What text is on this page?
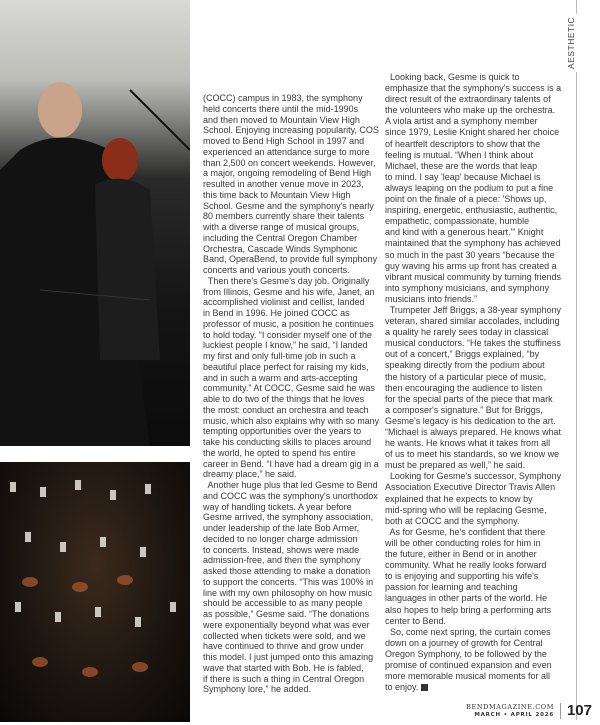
AESTHETIC
(COCC) campus in 1983, the symphony
held concerts there until the mid-1990s
and then moved to Mountain View High
School. Enjoying increasing popularity, COS
moved to Bend High School in 1997 and
experienced an attendance surge to more
than 2,500 on concert weekends. However,
a major, ongoing remodeling of Bend High
resulted in another venue move in 2023,
this time back to Mountain View High
School. Gesme and the symphony's nearly
80 members currently share their talents
with a diverse range of musical groups,
including the Central Oregon Chamber
Orchestra, Cascade Winds Symphonic
Band, OperaBend, to provide full symphony
concerts and various youth concerts.
Then there's Gesme's day job. Originally
from Illinois, Gesme and his wife, Janet, an
accomplished violinist and cellist, landed
in Bend in 1996. He joined COCC as
professor of music, a position he continues
to hold today. “I consider myself one of the
luckiest people I know,” he said, “I landed
my first and only full-time job in such a
beautiful place perfect for raising my kids,
and in such a warm and arts-accepting
community.” At COCC, Gesme said he was
able to do two of the things that he loves
the most: conduct an orchestra and teach
music, which also explains why with so many
tempting opportunities over the years to
take his conducting skills to places around
the world, he opted to spend his entire
career in Bend. “I have had a dream gig in a
dreamy place,” he said.
Another huge plus that led Gesme to Bend
and COCC was the symphony's unorthodox
way of handling tickets. A year before
Gesme arrived, the symphony association,
under leadership of the late Bob Armer,
decided to no longer charge admission
to concerts. Instead, shows were made
admission-free, and then the symphony
asked those attending to make a donation
to support the concerts. “This was 100% in
line with my own philosophy on how music
should be accessible to as many people
as possible,” Gesme said. “The donations
were exponentially beyond what was ever
collected when tickets were sold, and we
have continued to thrive and grow under
this model. I just jumped onto this amazing
wave that started with Bob. He is fabled,
if there is such a thing in Central Oregon
Symphony lore,” he added.
Looking back, Gesme is quick to
emphasize that the symphony's success is a
direct result of the extraordinary talents of
the volunteers who make up the orchestra.
A viola artist and a symphony member
since 1979, Leslie Knight shared her choice
of heartfelt descriptors to show that the
feeling is mutual. “When I think about
Michael, these are the words that leap
to mind. I say 'leap' because Michael is
always leaping on the podium to put a fine
point on the finale of a piece: 'Shows up,
inspiring, energetic, enthusiastic, authentic,
empathetic, compassionate, humble
and kind with a generous heart.'” Knight
maintained that the symphony has achieved
so much in the past 30 years “because the
guy waving his arms up front has created a
vibrant musical community by turning friends
into symphony musicians, and symphony
musicians into friends.”
Trumpeter Jeff Briggs, a 38-year symphony
veteran, shared similar accolades, including
a quality he rarely sees today in classical
musical conductors. “He takes the stuffiness
out of a concert,” Briggs explained, “by
speaking directly from the podium about
the history of a particular piece of music,
then encouraging the audience to listen
for the special parts of the piece that mark
a composer's signature.” But for Briggs,
Gesme's legacy is his dedication to the art.
“Michael is always prepared. He knows what
he wants. He knows what it takes from all
of us to meet his standards, so we know we
must be prepared as well,” he said.
Looking for Gesme's successor, Symphony
Association Executive Director Travis Allen
explained that he expects to know by
mid-spring who will be replacing Gesme,
both at COCC and the symphony.
As for Gesme, he's confident that there
will be other conducting roles for him in
the future, either in Bend or in another
community. What he really looks forward
to is enjoying and supporting his wife's
passion for learning and teaching
languages in other parts of the world. He
also hopes to help bring a performing arts
center to Bend.
So, come next spring, the curtain comes
down on a journey of growth for Central
Oregon Symphony, to be followed by the
promise of continued expansion and even
more memorable musical moments for all
to enjoy.
BENDMAGAZINE.COM
MARCH • APRIL 2026 107
